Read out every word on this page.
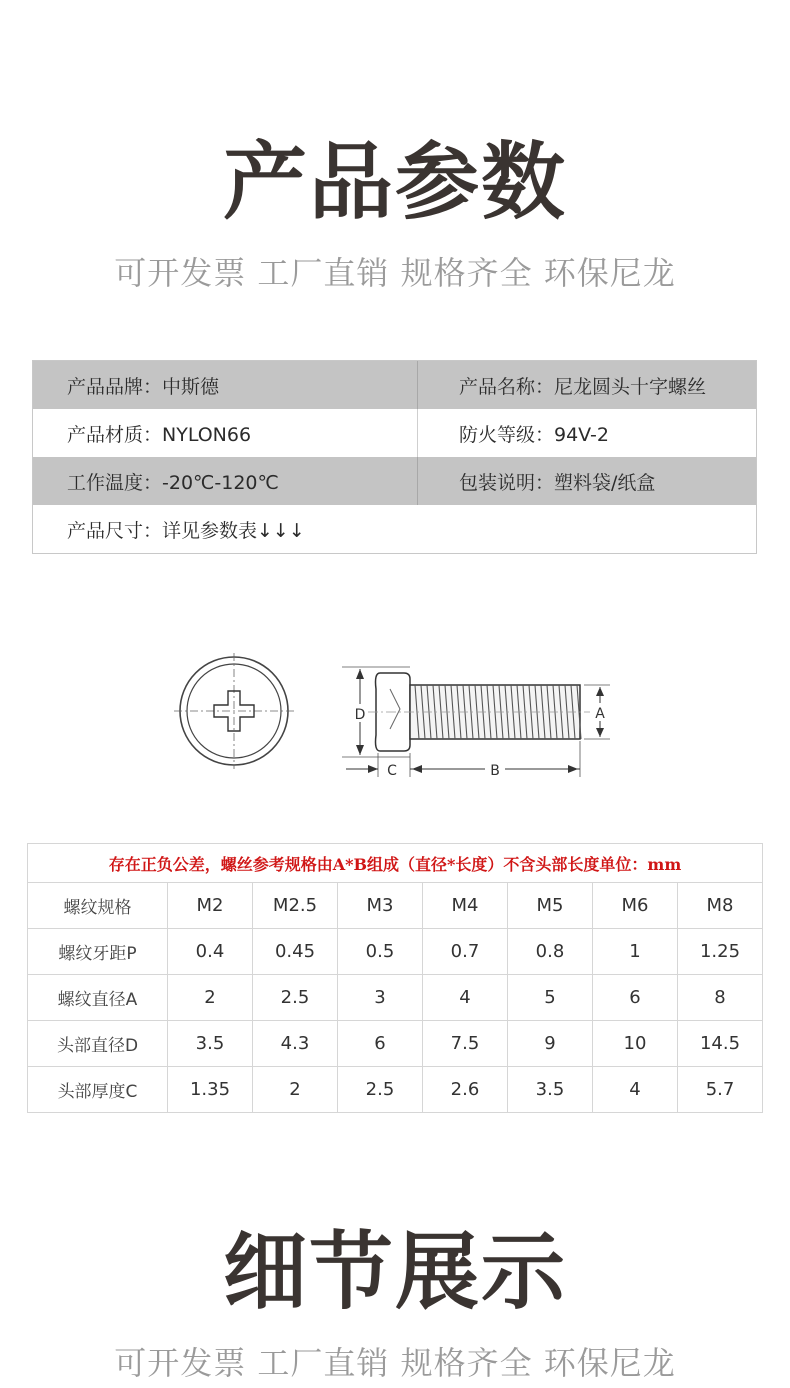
产品参数
可开发票 工厂直销 规格齐全 环保尼龙
产品品牌：中斯德	产品名称：尼龙圆头十字螺丝
产品材质：NYLON66	防火等级：94V-2
工作温度：-20℃-120℃	包装说明：塑料袋/纸盒
产品尺寸：详见参数表↓↓↓
D	A
C	B
存在正负公差，螺丝参考规格由A*B组成（直径*长度）不含头部长度单位：mm							
螺纹规格	M2	M2.5	M3	M4	M5	M6	M8
螺纹牙距P	0.4	0.45	0.5	0.7	0.8	1	1.25
螺纹直径A	2	2.5	3	4	5	6	8
头部直径D	3.5	4.3	6	7.5	9	10	14.5
头部厚度C	1.35	2	2.5	2.6	3.5	4	5.7
细节展示
可开发票 工厂直销 规格齐全 环保尼龙
